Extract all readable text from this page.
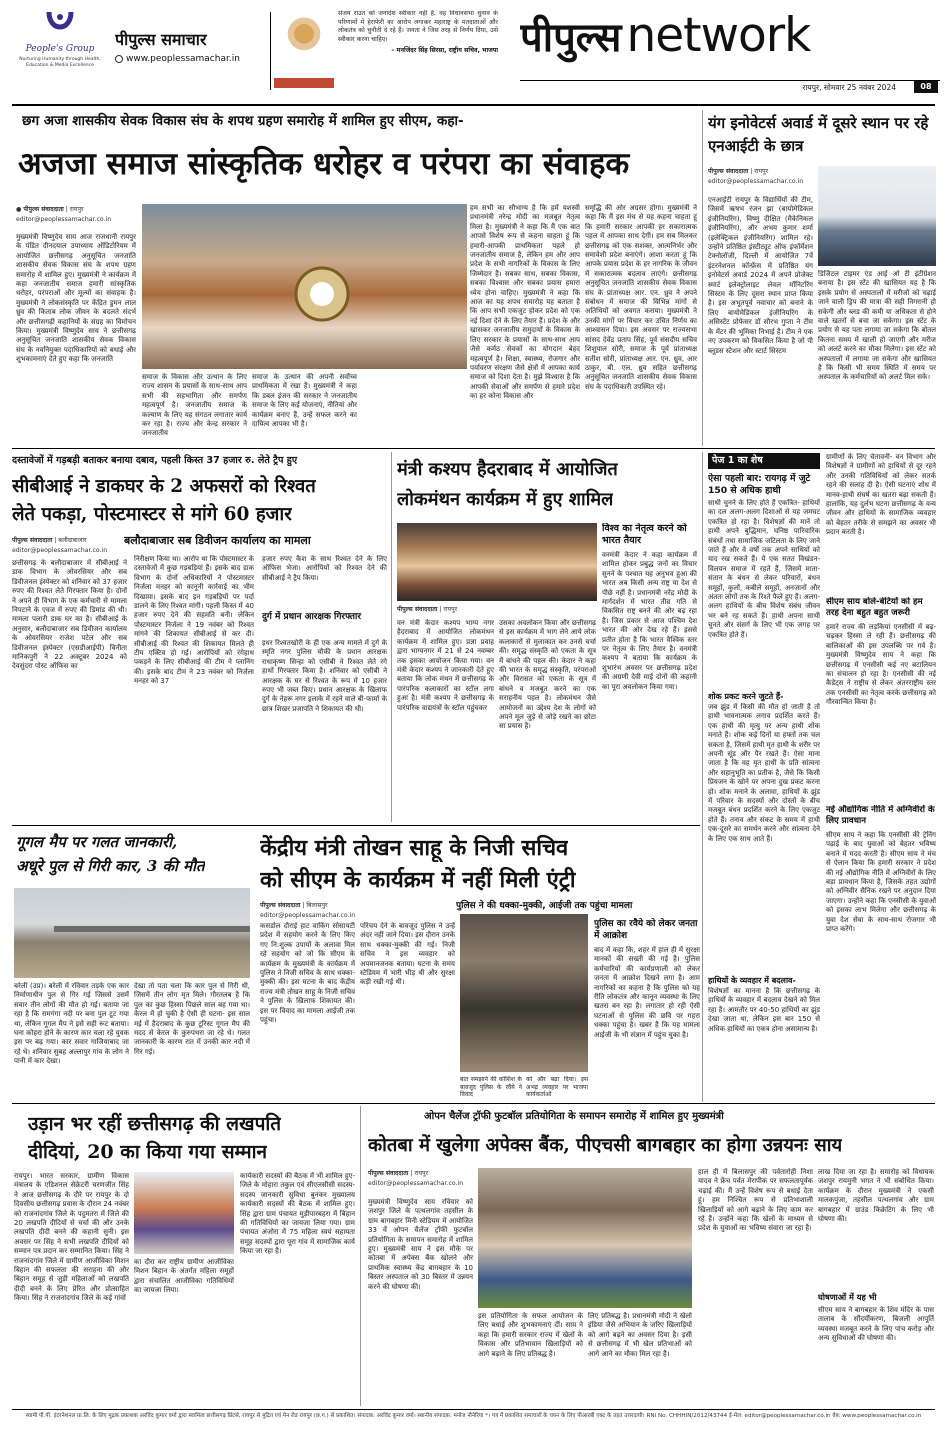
People's Group
Nurturing Humanity through Health, Education & Media Excellence
पीपुल्स समाचार
www.peoplessamachar.in
संजय राउत को जनादेश स्वीकार नहीं है, वह विधानसभा चुनाव के परिणामों में हेराफेरी का आरोप लगाकर महाराष्ट्र के मतदाताओं और लोकतंत्र को चुनौती दे रहे हैं। जनता ने जिस तरह से निर्णय दिया, उसे स्वीकार करना चाहिए।
– मनजिंदर सिंह सिरसा, राष्ट्रीय सचिव, भाजपा पीपुल्स network
रायपुर, सोमवार 25 नवंबर 2024	08
छग अजा शासकीय सेवक विकास संघ के शपथ ग्रहण समारोह में शामिल हुए सीएम, कहा-
अजजा समाज सांस्कृतिक धरोहर व परंपरा का संवाहक
● पीपुल्स संवाददाता | रायपुर
editor@peoplessamachar.co.in
मुख्यमंत्री विष्णुदेव साय आज राजधानी रायपुर के पंडित दीनदयाल उपाध्याय ऑडिटोरियम में आयोजित छत्तीसगढ़ अनुसूचित जनजाति शासकीय सेवक विकास संघ के शपथ ग्रहण समारोह में शामिल हुए। मुख्यमंत्री ने कार्यक्रम में कहा जनजातीय समाज हमारी सांस्कृतिक धरोहर, परंपराओं और मूल्यों का संवाहक है। मुख्यमंत्री ने लोकसंस्कृति पर केंद्रित डुमन लाल ध्रुव की किताब लोक जीवन के बदलते संदर्भ और छत्तीसगढ़ी कहानियों के संग्रह का विमोचन किया। मुख्यमंत्री विष्णुदेव साय ने छत्तीसगढ़ अनुसूचित जनजाति शासकीय सेवक विकास संघ के नवनियुक्त पदाधिकारियों को बधाई और शुभकामनाएं देते हुए कहा कि जनजाति
समाज के विकास और उत्थान के लिए राज्य शासन के प्रयासों के साथ-साथ आप सभी की सहभागिता और समर्पण महत्वपूर्ण है। जनजातीय समाज के कल्याण के लिए यह संगठन लगातार कार्य कर रहा है। राज्य और केन्द्र सरकार ने जनजातीय
समाज के उत्थान की अपनी सर्वोच्च प्राथमिकता में रखा है। मुख्यमंत्री ने कहा कि डबल इंजन की सरकार ने जनजातीय समाज के लिए कई योजनाएं, नीतियां और कार्यक्रम बनाए हैं, उन्हें सफल करने का दायित्व आपका भी है।
हम सभी का सौभाग्य है कि हमें यशस्वी प्रधानमंत्री नरेन्द्र मोदी का मजबूत नेतृत्व मिला है। मुख्यमंत्री ने कहा कि मैं एक बात आपसे विशेष रूप से कहना चाहता हूं कि हमारी-आपकी प्राथमिकता पहले हो जनजातीय समाज है, लेकिन हम और आप प्रदेश के सभी नागरिकों के विकास के लिए जिम्मेदार हैं। सबका साथ, सबका विकास, सबका विश्वास और सबका प्रयास हमारा ध्येय होना चाहिए। मुख्यमंत्री ने कहा कि आज का यह शपथ समारोह यह बताता है कि आप सभी एकजुट होकर प्रदेश को एक नई दिशा देने के लिए तैयार हैं। प्रदेश के और खासकर जनजातीय समुदायों के विकास के लिए सरकार के प्रयासों के साथ-साथ आप जैसे कर्मठ सेवकों का योगदान बेहद महत्वपूर्ण है। शिक्षा, स्वास्थ्य, रोजगार और पर्यावरण संरक्षण जैसे क्षेत्रों में आपका कार्य समाज को दिशा देता है। मुझे विश्वास है कि आपकी सेवाओं और समर्पण से हमारे प्रदेश का हर कोना विकास और
समृद्धि की ओर अग्रसर होगा। मुख्यमंत्री ने कहा कि मैं इस मंच से यह कहना चाहता हूं कि हमारी सरकार आपकी हर सकारात्मक पहल में आपका साथ देगी। हम सब मिलकर छत्तीसगढ़ को एक सशक्त, आत्मनिर्भर और समावेशी प्रदेश बनाएंगे। आशा करता हूं कि आपके प्रयास प्रदेश के हर नागरिक के जीवन में सकारात्मक बदलाव लाएंगे। छत्तीसगढ़ अनुसूचित जनजाति शासकीय सेवक विकास संघ के प्रांताध्यक्ष आर. एन. ध्रुव ने अपने संबोधन में समाज की विभिन्न मांगों से अतिथियों को अवगत कराया। मुख्यमंत्री ने उनकी मांगों पर विचार कर उचित निर्णय का आश्वासन दिया। इस अवसर पर राज्यसभा सांसद देवेंद्र प्रताप सिंह, पूर्व संसदीय सचिव शिशुपाल सोरी, समाज के पूर्व प्रांताध्यक्ष सतीश सोरी, प्रांताध्यक्ष आर. एन. ध्रुव, आर ठाकुर, बी. एल. ध्रुव सहित छत्तीसगढ़ अनुसूचित जनजाति शासकीय सेवक विकास संघ के पदाधिकारी उपस्थित रहे।
यंग इनोवेटर्स अवार्ड में दूसरे स्थान पर रहे एनआईटी के छात्र
पीपुल्स संवाददाता | रायपुर
editor@peoplessamachar.co.in
एनआईटी रायपुर के विद्यार्थियों की टीम, जिसमें ऋषभ रंजन झा (बायोमेडिकल इंजीनियरिंग), विष्णु दीक्षित (मैकेनिकल इंजीनियरिंग), और अभय कुमार शर्मा (इलेक्ट्रिकल इंजीनियरिंग) शामिल रहे। उन्होंने प्रतिष्ठित इंस्टीट्यूट ऑफ इंफॉर्मेशन टेक्नोलॉजी, दिल्ली में आयोजित 7वें इंटरनेशनल कॉन्फ्रेंस में प्रतिष्ठित यंग इनोवेटर्स अवार्ड 2024 में अपने प्रोजेक्ट स्मार्ट इलेक्ट्रोलाइट लेवल मॉनिटरिंग सिस्टम के लिए दूसरा स्थान प्राप्त किया है। इस अभूतपूर्व नवाचार को बनाने के लिए बायोमेडिकल इंजीनियरिंग के असिस्टेंट प्रोफेसर डॉ सौरभ गुप्ता ने टीम के मेंटर की भूमिका निभाई है। टीम ने एक नए उपकरण को विकसित किया है जो पी ब्लूडस स्टेशन और स्टार्ट सिस्टम
डिजिटल टाइमर एंड आई ओ टी इंटीग्रेशन बनाया है। इस स्टेंट की खासियत यह है कि इसके प्रयोग से अस्पतालों में मरीजों को चढ़ाई जाने वाली ड्रिप की मात्रा की सही निगरानी हो सकेगी और ब्लड की कमी या अधिकता से होने वाले खतरों से बचा जा सकेगा। इस स्टेंट के प्रयोग से यह पता लगाया जा सकेगा कि बोतल कितना समय में खाली हो जाएगी और मरीज को अलर्ट करने का मौका मिलेगा। इस स्टेंट को अस्पतालों में लगाया जा सकेगा और खासियत है कि किसी भी समय स्थिति में समय पर अस्पताल के कर्मचारियों को अलर्ट मिल सके।
दस्तावेजों में गड़बड़ी बताकर बनाया दबाव, पहली किस्त 37 हजार रु. लेते ट्रैप हुए
सीबीआई ने डाकघर के 2 अफसरों को रिश्वत
लेते पकड़ा, पोस्टमास्टर से मांगे 60 हजार
पीपुल्स संवाददाता | बलौदाबाजार
editor@peoplessamachar.co.in
बलौदाबाजार सब डिवीजन कार्यालय का मामला
छत्तीसगढ़ के बलौदाबाजार में सीबीआई ने डाक विभाग के ओवरसियर और सब डिवीजनल इंस्पेक्टर को शनिवार को 37 हजार रुपए की रिश्वत लेते गिरफ्तार किया है। दोनों ने अपने ही विभाग के एक कर्मचारी से मामला निपटाने के एवज में रुपए की डिमांड की थी। मामला पलारी डाक घर का है। सीबीआई के अनुसार, बलौदाबाजार सब डिवीजन कार्यालय के ओवरसियर राजेश पटेल और सब डिवीजनल इंस्पेक्टर (एसडीआईपी) विनीता मानिकपुरी ने 22 अक्टूबर 2024 को देवसुंदरा पोस्ट ऑफिस का
निरीक्षण किया था। आरोप था कि पोस्टमास्टर के दस्तावेजों में कुछ गड़बड़ियां हैं। इसके बाद डाक विभाग के दोनों अधिकारियों ने पोस्टमास्टर निर्जला मनहर को कानूनी कार्रवाई का भीम दिखाया। इसके बाद इन गड़बड़ियों पर पर्दा डालने के लिए रिश्वत मांगी। पहली किस्त में 40 हजार रुपए देने की सहमति बनी। लेकिन पोस्टमास्टर निर्जला ने 19 नवंबर को रिश्वत मांगने की शिकायत सीबीआई से कर दी। सीबीआई की रिश्वत की शिकायत मिलते ही टीम एक्टिव हो गई। आरोपियों को रंगेहाथ पकड़ने के लिए सीबीआई की टीम ने प्लानिंग की। इसके बाद टीम ने 23 नवंबर को निर्जला मनहर को 37
हजार रुपए कैश के साथ रिश्वत देने के लिए ऑफिस भेजा। आरोपियों को रिश्वत देने की सीबीआई ने ट्रैप किया।
दुर्ग में प्रधान आरक्षक गिरफ्तार
इधर रिश्वतखोरी के ही एक अन्य मामले में दुर्ग के स्मृति नगर पुलिस चौकी के प्रधान आरक्षक राधाकृष्ण सिन्हा को एसीबी ने रिश्वत लेते रंगे हाथों गिरफ्तार किया है। शनिवार को एसीबी ने आरक्षक के घर से रिश्वत के रूप में 10 हजार रुपए भी जब्त किए। प्रधान आरक्षक के खिलाफ दुर्ग के नेहरू नगर इलाके में रहने वाले बी-फार्मा के छात्र शिखर प्रजापति ने शिकायत की थी।
मंत्री कश्यप हैदराबाद में आयोजित
लोकमंथन कार्यक्रम में हुए शामिल
पीपुल्स संवाददाता | रायपुर
वन मंत्री केदार कश्यप भाग्य नगर हैदराबाद में आयोजित लोकमंथन कार्यक्रम में शामिल हुए। प्रज्ञा प्रवाह द्वारा भाग्यनगर में 21 से 24 नवम्बर तक इसका आयोजन किया गया। वन मंत्री केदार कश्यप ने जानकारी देते हुए बताया कि लोक मंथन में छत्तीसगढ़ के पारंपरिक कलाकारों का स्टॉल लगा हुआ है। मंत्री कश्यप ने छत्तीसगढ़ के पारंपरिक वाद्ययंत्रों के स्टॉल पहुंचकर
उसका अवलोकन किया और छत्तीसगढ़ से इस कार्यक्रम में भाग लेने आये लोक कलाकारों से मुलाकात कर उनसे चर्चा की। समृद्ध संस्कृति को एकता के सूत्र में बांधने की पहल की। केदार ने कहा की भारत के समृद्ध संस्कृति, परंपराओं और विरासत को एकता के सूत्र में बांधने व मजबूत करने का एक सराहनीय पहल है। लोकमंथन जैसे आयोजनों का उद्देश्य देश के लोगों को अपने मूल जुड़े से जोड़े रखने का छोटा सा प्रयास है।
विश्व का नेतृत्व करने को भारत तैयार
वनमंत्री केदार ने कहा कार्यक्रम में शामिल होकर प्रबुद्ध जनों का विचार सुनने के पश्चात यह अनुभव हुआ की भारत अब किसी अन्य राष्ट्र या देश से पीछे नहीं है। प्रधानमंत्री नरेंद्र मोदी के मार्गदर्शन में भारत तीव्र गति से विकसित राष्ट्र बनने की ओर बढ़ रहा है। जिस प्रकार से आज पश्चिम देश भारत की ओर देख रहे हैं। इससे प्रतीत होता है कि भारत वैश्विक स्तर पर नेतृत्व के लिए तैयार है। वनमंत्री कश्यप ने बताया कि कार्यक्रम के शुभारंभ अवसर पर छत्तीसगढ़ प्रदेश की अग्रणी देवी माई दोनों की कहानी का पूरा अवलोकन किया गया।
पेज 1 का शेष
ऐसा पहली बार: रायगढ़ में जुटे 150 से अधिक हाथी
साथी चुनने के लिए होते हैं एकत्रित- हाथियों का दल अलग-अलग दिशाओं से यह जमघट एकत्रित हो रहा है। विशेषज्ञों की मानें तो हाथी अपने बुद्धिमान, घनिष्ठ पारिवारिक संबंधों तथा सामाजिक जटिलता के लिए जाने जाते हैं और वे वर्षों तक अपने साथियों को याद रख सकते हैं। ये एक सतत विखंडन-विलयन समाज में रहते हैं, जिसमें माता-संतान के बंधन से लेकर परिवारों, बंधन समूहों, कुलों, कबीले समूहों, अनजानों और अंततः लोगों तक के रिश्ते फैले हुए हैं। अलग-अलग हाथियों के बीच विशेष संबंध जीवन भर बने रह सकते हैं। हाथी अपना साथी चुनते और संसर्ग के लिए भी एक जगह पर एकत्रित होते हैं।
शोक प्रकट करने जुटते हैं-
जब झुंड में किसी की मौत हो जाती है तो हाथी भावनात्मक लगाव प्रदर्शित करते हैं। एक हाथी की मृत्यु पर अन्य हाथी शोक मनाते हैं। शोक कई दिनों या हफ्तों तक चल सकता है, जिसमें हाथी मृत हाथी के शरीर पर अपनी सूंड और पैर रखते हैं। ऐसा माना जाता है कि वह मृत हाथी के प्रति सांत्वना और सहानुभूति का प्रतीक है, जैसे कि किसी प्रियजन के खोने पर अपना दुख प्रकट करना हो। शोक मनाने के अलावा, हाथियों के झुंड में परिवार के सदस्यों और दोस्तों के बीच मजबूत बंधन प्रदर्शित करने के लिए एकजुट होते हैं। तनाव और संकट के समय में हाथी एक-दूसरे का समर्थन करने और सांत्वना देने के लिए एक साथ आते हैं।
हाथियों के व्यवहार में बदलाव-
विशेषज्ञों का मानना है कि छत्तीसगढ़ के हाथियों के व्यवहार में बदलाव देखने को मिल रहा है। आमतौर पर 40-50 हाथियों का झुंड देखा जाता था, लेकिन इस बार 150 से अधिक हाथियों का एकत्र होना असामान्य है।
ग्रामीणों के लिए चेतावनी- वन विभाग और विशेषज्ञों ने ग्रामीणों को हाथियों से दूर रहने और उनकी गतिविधियों को लेकर सतर्क रहने की सलाह दी है। ऐसी घटनाएं शोध में मानव-हाथी संघर्ष का खतरा बढ़ा सकती हैं। हालांकि, यह दुर्लभ घटना छत्तीसगढ़ के वन्य जीवन और हाथियों के सामाजिक व्यवहार को बेहतर तरीके से समझने का अवसर भी प्रदान करती है।
सीएम साय बोले-बेटियों को हम तरह देना बहुत बहुत जरूरी
हमारे राज्य की लड़कियां एनसीसी में बढ़-चढ़कर हिस्सा ले रही हैं। छत्तीसगढ़ की बालिकाओं की इस उपलब्धि पर गर्व है। मुख्यमंत्री विष्णुदेव साय ने कहा कि छत्तीसगढ़ में एनसीसी कई नए बटालियन का संचालन हो रहा है। एनसीसी की नई कैडेट्स ने राष्ट्रीय से लेकर अंतरराष्ट्रीय स्तर तक एनसीसी का नेतृत्व करके छत्तीसगढ़ को गौरवान्वित किया है।
नई औद्योगिक नीति में अग्निवीरों के लिए प्रावधान
सीएम साय ने कहा कि एनसीसी की ट्रेनिंग पढ़ाई के बाद युवाओं को बेहतर भविष्य बनाने में मदद करती है। सीएम साय ने मंच से ऐलान किया कि हमारी सरकार ने प्रदेश की नई औद्योगिक नीति में अग्निवीरों के लिए बड़ा प्रावधान किया है, जिसके तहत उद्योगों को अग्निवीर सैनिक रखने पर अनुदान दिया जाएगा। उन्होंने कहा कि एनसीसी के युवाओं को इसका लाभ मिलेगा और छत्तीसगढ़ के युवा देश सेवा के साथ-साथ रोजगार भी प्राप्त करेंगे।
गूगल मैप पर गलत जानकारी,
अधूरे पुल से गिरी कार, 3 की मौत
बरेली (उप्र)। बरेली में रविवार तड़के एक कार निर्माणाधीन पुल से गिर गई जिससे उसमें सवार तीन लोगों की मौत हो गई। बताया जा रहा है कि रामगंगा नदी पर बना पुल टूट गया था, लेकिन गूगल मैप ने इसे सही रूट बताया। घना कोहरा होने के कारण कार चला रहे युवक इस पर बढ़ गया। कार सवार गाजियाबाद जा रहे थे। शनिवार सुबह अल्लापुर गांव के लोग ने पानी में कार देखा।
देखा तो पता चला कि कार पुल से गिरी थी, जिसमें तीन लोग मृत मिले। गौरतलब है कि पुल का कुछ हिस्सा पिछले साल बह गया था। केरल में हो चुकी है ऐसी ही घटना- इस साल मई में हैदराबाद के कुछ टूरिस्ट गूगल मैप की मदद से केरल के कुरुपंथरा जा रहे थे। गलत जानकारी के कारण रात में उनकी कार नदी में गिर गई।
केंद्रीय मंत्री तोखन साहू के निजी सचिव
को सीएम के कार्यक्रम में नहीं मिली एंट्री
पीपुल्स संवाददाता | बिलासपुर
editor@peoplessamachar.co.in
पुलिस ने की धक्का-मुक्की, आईजी तक पहुंचा मामला
कसडोल दौराई हाट वाकिंग सोसायटी प्रदेश में सहयोग करने के लिए किए गए नि:शुल्क उपायों के अलावा मिल रहे सहयोग को जो कि सीएम के कार्यक्रम के मुख्यमंत्री के कार्यक्रम में पुलिस ने निजी सचिव के साथ धक्का-मुक्की की। इस घटना के बाद केंद्रीय राज्य मंत्री तोखन साहू के निजी सचिव ने पुलिस के खिलाफ शिकायत की। इस पर विवाद का मामला आईजी तक पहुंचा।
परिचय देने के बावजूद पुलिस ने उन्हें अंदर नहीं जाने दिया। इस दौरान उनके साथ धक्का-मुक्की की गई। निजी सचिव ने इस व्यवहार को अपमानजनक बताया। घटना के समय स्टेडियम में भारी भीड़ थी और सुरक्षा कड़ी रखी गई थी।
बात समझाने की कोशिश के बावजूद पुलिस के रवैये ने विवाद
को और बढ़ा दिया। इस अभद्र व्यवहार पर भाजपा कार्यकर्ताओं
पुलिस का रवैये को लेकर जनता में आक्रोश
बाद में कहा कि, शहर में हाल ही में सुरक्षा मानकों की सख्ती की गई है। पुलिस कर्मचारियों की कार्यप्रणाली को लेकर जनता में आक्रोश दिखने लगा है। आम नागरिकों का कहना है कि पुलिस को यह रीति लोकतंत्र और कानून व्यवस्था के लिए खतरा बन रहा है। लगातार हो रही ऐसी घटनाओं से पुलिस की छवि पर गहरा धक्का पहुंचा है। खबर है कि यह मामला आईजी के भी संज्ञान में पहुंच चुका है।
उड़ान भर रहीं छत्तीसगढ़ की लखपति
दीदियां, 20 का किया गया सम्मान
रायपुर। भारत सरकार, ग्रामीण विकास मंत्रालय के एडिशनल सेक्रेटरी चरणजीत सिंह ने आज छत्तीसगढ़ के दौरे पर रायपुर के दो दिवसीय छत्तीसगढ़ प्रवास के दौरान 24 नवंबर को राजनांदगांव जिले के पदुमतरा में जिले की 20 लखपति दीदियों से चर्चा की और उनके लखपति दीदी बनने की कहानी सुनी। इस अवसर पर सिंह ने सभी लखपति दीदियों को सम्मान पत्र प्रदान कर सम्मानित किया। सिंह ने राजनांदगांव जिले में ग्रामीण आजीविका मिशन बिहान की सफलता की सराहना की और बिहान समूह से जुड़ी महिलाओं को लखपति दीदी बनने के लिए प्रेरित और प्रोत्साहित किया। सिंह ने राजनांदगांव जिले के कई गांवों
का दौरा कर राष्ट्रीय ग्रामीण आजीविका मिशन बिहान के अंतर्गत महिला समूहों द्वारा संचालित आजीविका गतिविधियों का जायजा लिया।
कार्यकारी सदस्यों की बैठक में भी शामिल हुए- जिले के मोहारा तकुल एवं सीएलसीसी सदस्य-सदस्य जानकारी सुविधा बुनकर मुख्यालय कार्यकारी सदस्यों की बैठक में शामिल हुए। सिंह द्वारा ग्राम पंचायत मुड़ीपारबहरा में बिहान की गतिविधियों का जायजा लिया गया। ग्राम पंचायत अंजोरा में 75 महिला स्वयं सहायता समूह सदस्यों द्वारा पूरा गांव में सामाजिक कार्य किया जा रहा है।
ओपन चैलेंज ट्रॉफी फुटबॉल प्रतियोगिता के समापन समारोह में शामिल हुए मुख्यमंत्री
कोतबा में खुलेगा अपेक्स बैंक, पीएचसी बागबहार का होगा उन्नयनः साय
पीपुल्स संवाददाता | रायपुर
editor@peoplessamachar.co.in
मुख्यमंत्री विष्णुदेव साय रविवार को जशपुर जिले के पत्थलगांव तहसील के ग्राम बागबहार मिनी स्टेडियम में आयोजित 33 वें ओपन चैलेंज ट्रॉफी फुटबॉल प्रतियोगिता के समापन समारोह में शामिल हुए। मुख्यमंत्री साय ने इस मौके पर कोतबा में अपेक्स बैंक खोलने और प्राथमिक स्वास्थ्य केंद्र बागबहार के 10 बिस्तर अस्पताल को 30 बिस्तर में उन्नयन करने की घोषणा की।
इस प्रतियोगिता के सफल आयोजन के लिए बधाई और शुभकामनाएं दीं। साय ने कहा कि हमारी सरकार राज्य में खेलों के विकास और प्रतिभावान खिलाड़ियों को आगे बढ़ाने के लिए प्रतिबद्ध है।
लिए प्रतिबद्ध है। प्रधानमंत्री मोदी ने खेलो इंडिया जैसे अभियान के जरिए खिलाड़ियों को आगे बढ़ने का अवसर दिया है। इसी से छत्तीसगढ़ में भी खेल प्रतिभाओं को आगे आने का मौका मिल रहा है।
हाल ही में बिलासपुर की पर्वतारोही निशा यादव ने फ्रेंच पर्वत मेरापीक पर सफलतापूर्वक चढ़ाई की। मैं उन्हें विशेष रूप से बधाई देता हूं। हम निश्चित रूप से प्रतिभाशाली खिलाड़ियों को आगे बढ़ाने के लिए काम कर रहे हैं। उन्होंने कहा कि खेलों के माध्यम से प्रदेश के युवाओं का भविष्य संवारा जा रहा है।
लाख दिया जा रहा है। समारोह को विधायक जशपुर रायमुनी भगत ने भी संबोधित किया। कार्यक्रम के दौरान मुख्यमंत्री ने एकसी मालकपुंजा, तहसील पत्थलगांव और ग्राम बागबहार में ग्राउंड किक्रेटिंग के लिए भी घोषणा की।
घोषणाओं में यह भी
सीएम साय ने बागबहार के शिव मंदिर के पास तालाब के सौंदर्यीकरण, बिजली आपूर्ति व्यवस्था मजबूत करने के लिए पांच करोड़ और अन्य सुविधाओं की घोषणा की।
स्वामी पी.पी. इंटरनेशनल प्रा.लि. के लिए मुद्रक प्रकाशक अरविंद कुमार वर्मा द्वारा स्वामित्व छत्तीसगढ़ प्रिंटर्स, रायपुर से मुद्रित एवं मेन रोड रायपुर (छ.ग.) से प्रकाशित। संपादक: अरविंद कुमार वर्मा। स्थानीय संपादक: मनोज नौनेरिया *। पत्र में प्रकाशित समाचारों के चयन के लिए पीआरबी एक्ट के तहत उत्तरदायी। RNI No. CHHHIN/2012/43744 ई-मेल: editor@peoplessamachar.co.in वेब: www.peoplessamachar.co.in
